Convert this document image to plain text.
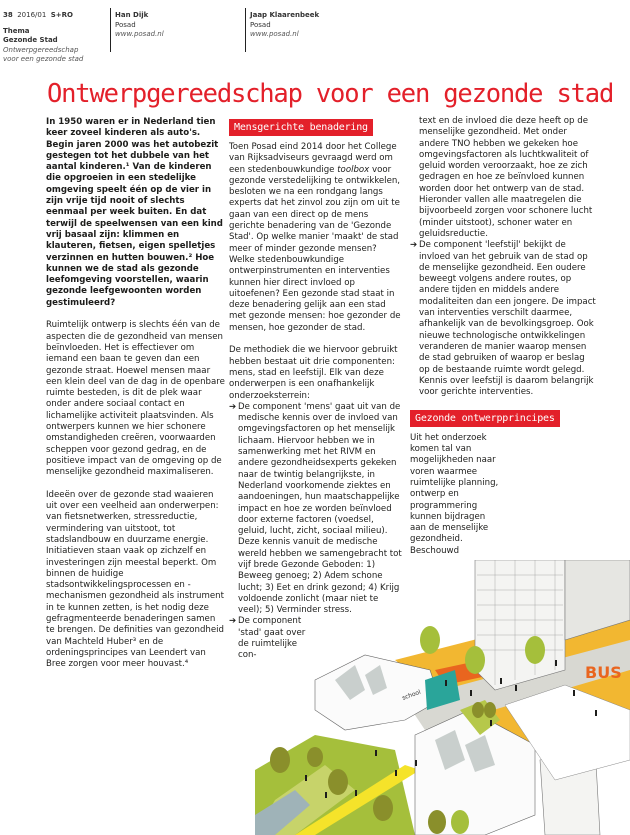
38 2016/01 S+RO
Thema
Gezonde Stad
Ontwerpgereedschap
voor een gezonde stad
Han Dijk
Posad
www.posad.nl
Jaap Klaarenbeek
Posad
www.posad.nl
Ontwerpgereedschap voor een gezonde stad

In 1950 waren er in Nederland tien keer zoveel kinderen als auto's. Begin jaren 2000 was het autobezit gestegen tot het dubbele van het aantal kinderen.¹ Van de kinderen die opgroeien in een stedelijke omgeving speelt één op de vier in zijn vrije tijd nooit of slechts eenmaal per week buiten. En dat terwijl de speelwensen van een kind vrij basaal zijn: klimmen en klauteren, fietsen, eigen spelletjes verzinnen en hutten bouwen.² Hoe kunnen we de stad als gezonde leefomgeving voorstellen, waarin gezonde leefgewoonten worden gestimuleerd?

Ruimtelijk ontwerp is slechts één van de aspecten die de gezondheid van mensen beïnvloeden. Het is effectiever om iemand een baan te geven dan een gezonde straat. Hoewel mensen maar een klein deel van de dag in de openbare ruimte besteden, is dit de plek waar onder andere sociaal contact en lichamelijke activiteit plaatsvinden. Als ontwerpers kunnen we hier schonere omstandigheden creëren, voorwaarden scheppen voor gezond gedrag, en de positieve impact van de omgeving op de menselijke gezondheid maximaliseren.

Ideeën over de gezonde stad waaieren uit over een veelheid aan onderwerpen: van fietsnetwerken, stressreductie, vermindering van uitstoot, tot stadslandbouw en duurzame energie. Initiatieven staan vaak op zichzelf en investeringen zijn meestal beperkt. Om binnen de huidige stadsontwikkelingsprocessen en -mechanismen gezondheid als instrument in te kunnen zetten, is het nodig deze gefragmenteerde benaderingen samen te brengen. De definities van gezondheid van Machteld Huber³ en de ordeningsprincipes van Leendert van Bree zorgen voor meer houvast.⁴

Mensgerichte benadering

Toen Posad eind 2014 door het College van Rijksadviseurs gevraagd werd om een stedenbouwkundige toolbox voor gezonde verstedelijking te ontwikkelen, besloten we na een rondgang langs experts dat het zinvol zou zijn om uit te gaan van een direct op de mens gerichte benadering van de 'Gezonde Stad'. Op welke manier 'maakt' de stad meer of minder gezonde mensen? Welke stedenbouwkundige ontwerpinstrumenten en interventies kunnen hier direct invloed op uitoefenen? Een gezonde stad staat in deze benadering gelijk aan een stad met gezonde mensen: hoe gezonder de mensen, hoe gezonder de stad.

De methodiek die we hiervoor gebruikt hebben bestaat uit drie componenten: mens, stad en leefstijl. Elk van deze onderwerpen is een onafhankelijk onderzoeksterrein:

➔ De component 'mens' gaat uit van de medische kennis over de invloed van omgevingsfactoren op het menselijk lichaam. Hiervoor hebben we in samenwerking met het RIVM en andere gezondheidsexperts gekeken naar de twintig belangrijkste, in Nederland voorkomende ziektes en aandoeningen, hun maatschappelijke impact en hoe ze worden beïnvloed door externe factoren (voedsel, geluid, lucht, zicht, sociaal milieu). Deze kennis vanuit de medische wereld hebben we samengebracht tot vijf brede Gezonde Geboden: 1) Beweeg genoeg; 2) Adem schone lucht; 3) Eet en drink gezond; 4) Krijg voldoende zonlicht (maar niet te veel); 5) Verminder stress.
➔ De component 'stad' gaat over de ruimtelijke con-
text en de invloed die deze heeft op de menselijke gezondheid. Met onder andere TNO hebben we gekeken hoe omgevingsfactoren als luchtkwaliteit of geluid worden veroorzaakt, hoe ze zich gedragen en hoe ze beïnvloed kunnen worden door het ontwerp van de stad. Hieronder vallen alle maatregelen die bijvoorbeeld zorgen voor schonere lucht (minder uitstoot), schoner water en geluidsreductie.
➔ De component 'leefstijl' bekijkt de invloed van het gebruik van de stad op de menselijke gezondheid. Een oudere beweegt volgens andere routes, op andere tijden en middels andere modaliteiten dan een jongere. De impact van interventies verschilt daarmee, afhankelijk van de bevolkingsgroep. Ook nieuwe technologische ontwikkelingen veranderen de manier waarop mensen de stad gebruiken of waarop er beslag op de bestaande ruimte wordt gelegd. Kennis over leefstijl is daarom belangrijk voor gerichte interventies.
Gezonde ontwerpprincipes

Uit het onderzoek komen tal van mogelijkheden naar voren waarmee ruimtelijke planning, ontwerp en programmering kunnen bijdragen aan de menselijke gezondheid. Beschouwd

school
BUS
